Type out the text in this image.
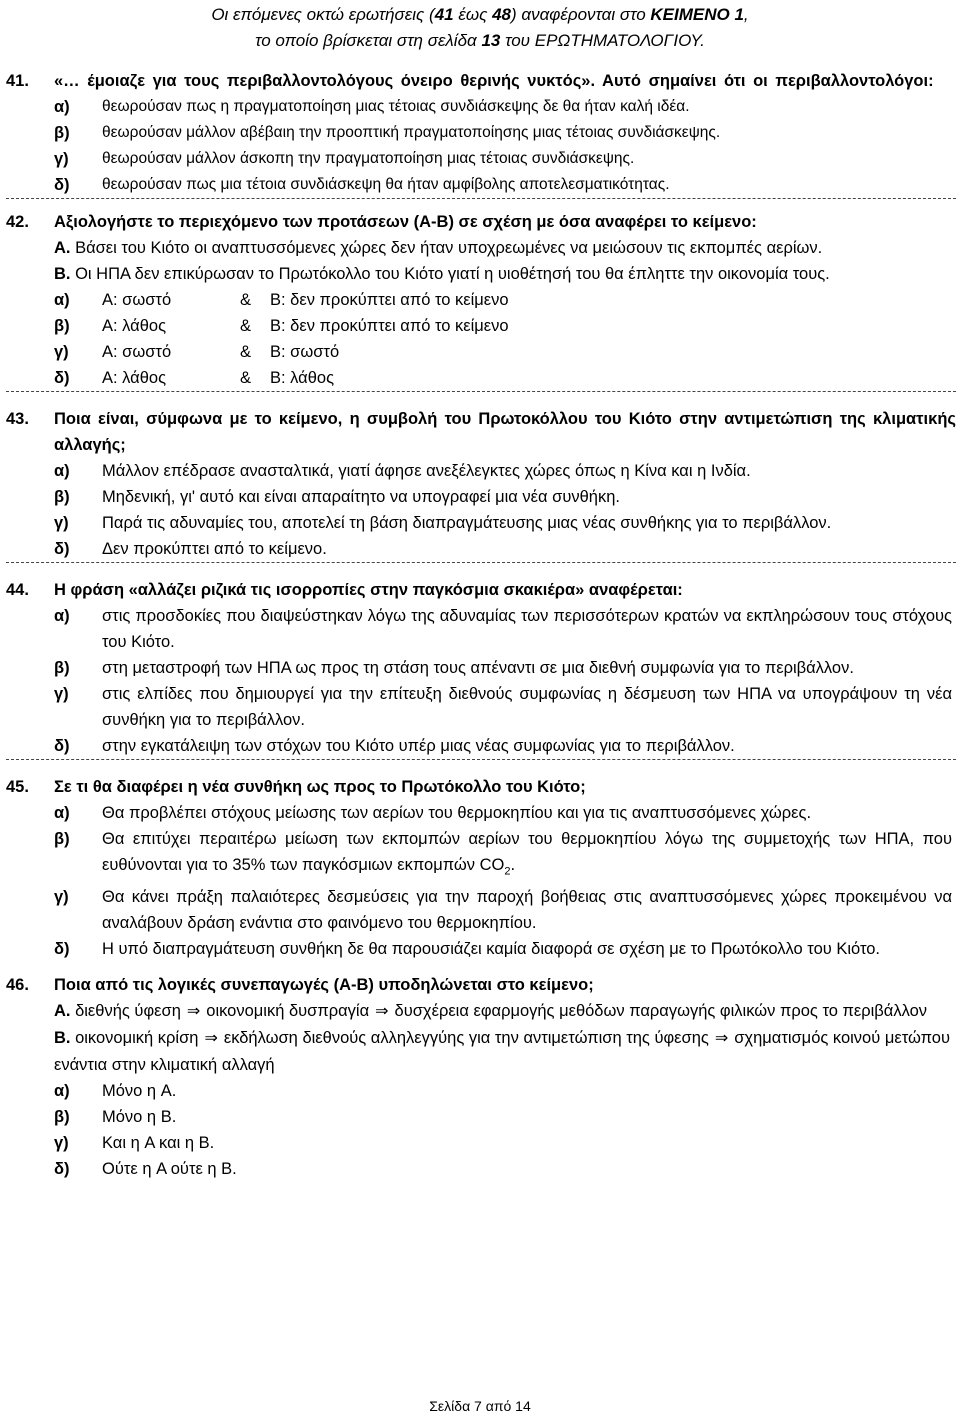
Οι επόμενες οκτώ ερωτήσεις (41 έως 48) αναφέρονται στο ΚΕΙΜΕΝΟ 1,
το οποίο βρίσκεται στη σελίδα 13 του ΕΡΩΤΗΜΑΤΟΛΟΓΙΟΥ.
41.	«… έμοιαζε για τους περιβαλλοντολόγους όνειρο θερινής νυκτός». Αυτό σημαίνει ότι οι περιβαλλοντολόγοι:
α)	θεωρούσαν πως η πραγματοποίηση μιας τέτοιας συνδιάσκεψης δε θα ήταν καλή ιδέα.
β)	θεωρούσαν μάλλον αβέβαιη την προοπτική πραγματοποίησης μιας τέτοιας συνδιάσκεψης.
γ)	θεωρούσαν μάλλον άσκοπη την πραγματοποίηση μιας τέτοιας συνδιάσκεψης.
δ)	θεωρούσαν πως μια τέτοια συνδιάσκεψη θα ήταν αμφίβολης αποτελεσματικότητας.
42.	Αξιολογήστε το περιεχόμενο των προτάσεων (A-B) σε σχέση με όσα αναφέρει το κείμενο:
A. Βάσει του Κιότο οι αναπτυσσόμενες χώρες δεν ήταν υποχρεωμένες να μειώσουν τις εκπομπές αερίων.
B. Οι ΗΠΑ δεν επικύρωσαν το Πρωτόκολλο του Κιότο γιατί η υιοθέτησή του θα έπληττε την οικονομία τους.
α)	A: σωστό	&	B: δεν προκύπτει από το κείμενο
β)	A: λάθος	&	B: δεν προκύπτει από το κείμενο
γ)	A: σωστό	&	B: σωστό
δ)	A: λάθος	&	B: λάθος
43.	Ποια είναι, σύμφωνα με το κείμενο, η συμβολή του Πρωτοκόλλου του Κιότο στην αντιμετώπιση της κλιματικής αλλαγής;
α)	Μάλλον επέδρασε ανασταλτικά, γιατί άφησε ανεξέλεγκτες χώρες όπως η Κίνα και η Ινδία.
β)	Μηδενική, γι' αυτό και είναι απαραίτητο να υπογραφεί μια νέα συνθήκη.
γ)	Παρά τις αδυναμίες του, αποτελεί τη βάση διαπραγμάτευσης μιας νέας συνθήκης για το περιβάλλον.
δ)	Δεν προκύπτει από το κείμενο.
44.	Η φράση «αλλάζει ριζικά τις ισορροπίες στην παγκόσμια σκακιέρα» αναφέρεται:
α)	στις προσδοκίες που διαψεύστηκαν λόγω της αδυναμίας των περισσότερων κρατών να εκπληρώσουν τους στόχους του Κιότο.
β)	στη μεταστροφή των ΗΠΑ ως προς τη στάση τους απέναντι σε μια διεθνή συμφωνία για το περιβάλλον.
γ)	στις ελπίδες που δημιουργεί για την επίτευξη διεθνούς συμφωνίας η δέσμευση των ΗΠΑ να υπογράψουν τη νέα συνθήκη για το περιβάλλον.
δ)	στην εγκατάλειψη των στόχων του Κιότο υπέρ μιας νέας συμφωνίας για το περιβάλλον.
45.	Σε τι θα διαφέρει η νέα συνθήκη ως προς το Πρωτόκολλο του Κιότο;
α)	Θα προβλέπει στόχους μείωσης των αερίων του θερμοκηπίου και για τις αναπτυσσόμενες χώρες.
β)	Θα επιτύχει περαιτέρω μείωση των εκπομπών αερίων του θερμοκηπίου λόγω της συμμετοχής των ΗΠΑ, που ευθύνονται για το 35% των παγκόσμιων εκπομπών $CO_2$.
γ)	Θα κάνει πράξη παλαιότερες δεσμεύσεις για την παροχή βοήθειας στις αναπτυσσόμενες χώρες προκειμένου να αναλάβουν δράση ενάντια στο φαινόμενο του θερμοκηπίου.
δ)	Η υπό διαπραγμάτευση συνθήκη δε θα παρουσιάζει καμία διαφορά σε σχέση με το Πρωτόκολλο του Κιότο.
46.	Ποια από τις λογικές συνεπαγωγές (A-B) υποδηλώνεται στο κείμενο;
A. διεθνής ύφεση ⇒ οικονομική δυσπραγία ⇒ δυσχέρεια εφαρμογής μεθόδων παραγωγής φιλικών προς το περιβάλλον
B. οικονομική κρίση ⇒ εκδήλωση διεθνούς αλληλεγγύης για την αντιμετώπιση της ύφεσης ⇒ σχηματισμός κοινού μετώπου ενάντια στην κλιματική αλλαγή
α)	Μόνο η A.
β)	Μόνο η B.
γ)	Και η A και η B.
δ)	Ούτε η A ούτε η B.
Σελίδα 7 από 14
